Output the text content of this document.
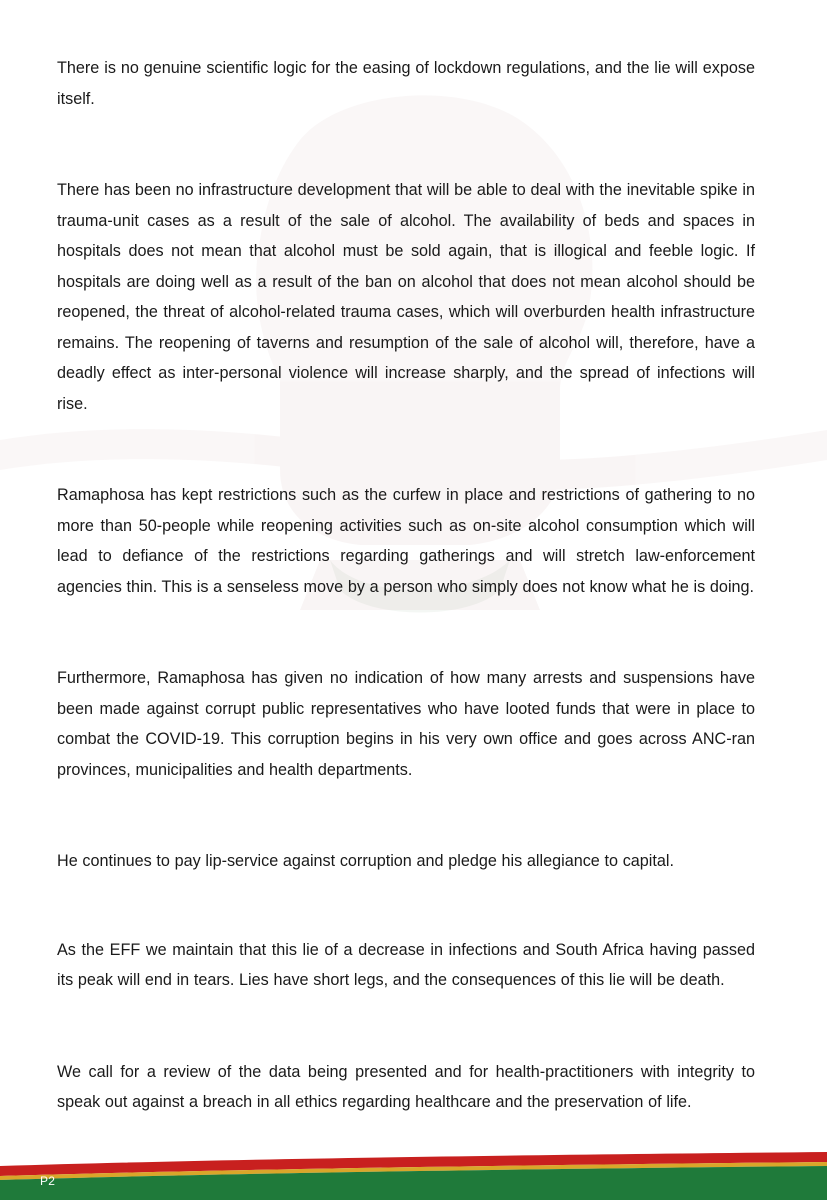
There is no genuine scientific logic for the easing of lockdown regulations, and the lie will expose itself.

There has been no infrastructure development that will be able to deal with the inevitable spike in trauma-unit cases as a result of the sale of alcohol. The availability of beds and spaces in hospitals does not mean that alcohol must be sold again, that is illogical and feeble logic. If hospitals are doing well as a result of the ban on alcohol that does not mean alcohol should be reopened, the threat of alcohol-related trauma cases, which will overburden health infrastructure remains. The reopening of taverns and resumption of the sale of alcohol will, therefore, have a deadly effect as inter-personal violence will increase sharply, and the spread of infections will rise.

Ramaphosa has kept restrictions such as the curfew in place and restrictions of gathering to no more than 50-people while reopening activities such as on-site alcohol consumption which will lead to defiance of the restrictions regarding gatherings and will stretch law-enforcement agencies thin. This is a senseless move by a person who simply does not know what he is doing.

Furthermore, Ramaphosa has given no indication of how many arrests and suspensions have been made against corrupt public representatives who have looted funds that were in place to combat the COVID-19. This corruption begins in his very own office and goes across ANC-ran provinces, municipalities and health departments.

He continues to pay lip-service against corruption and pledge his allegiance to capital.

As the EFF we maintain that this lie of a decrease in infections and South Africa having passed its peak will end in tears. Lies have short legs, and the consequences of this lie will be death.

We call for a review of the data being presented and for health-practitioners with integrity to speak out against a breach in all ethics regarding healthcare and the preservation of life.

P2
